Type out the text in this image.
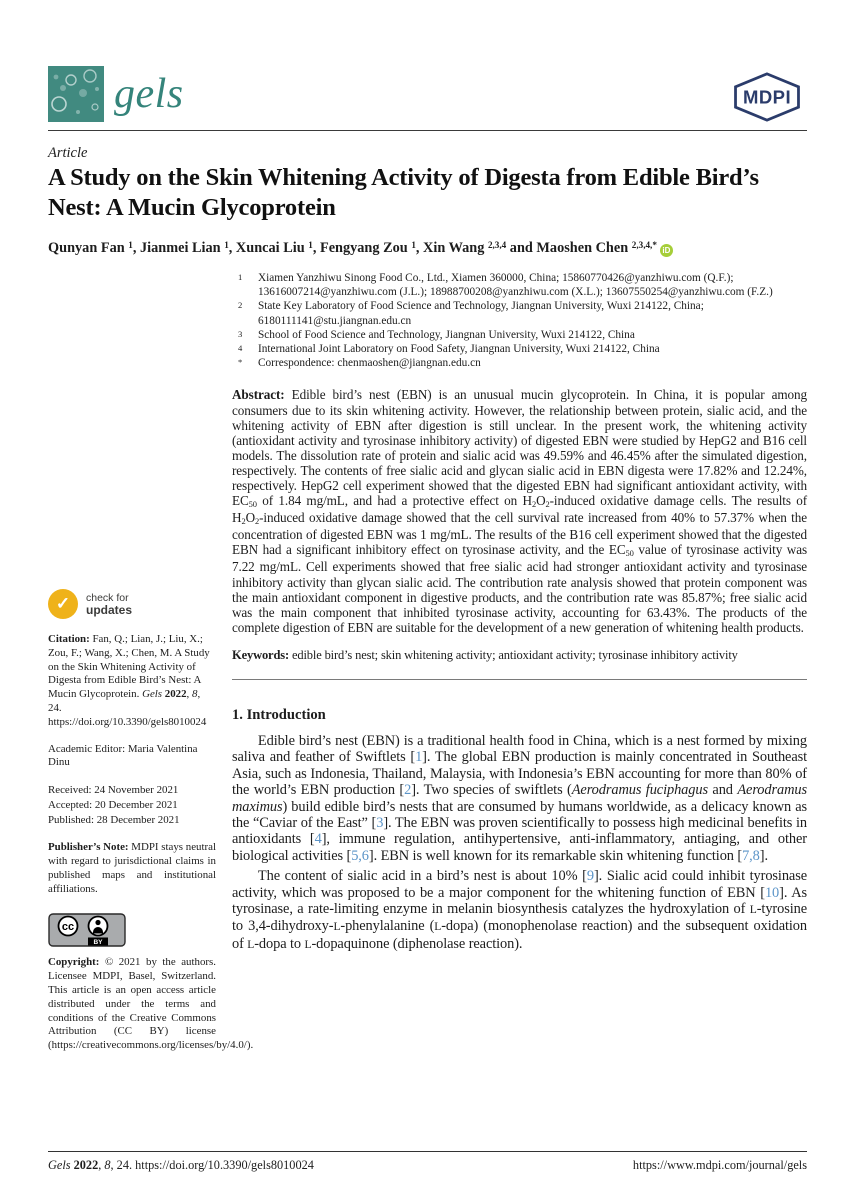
gels	MDPI
Article
A Study on the Skin Whitening Activity of Digesta from Edible Bird’s Nest: A Mucin Glycoprotein
Qunyan Fan $^1$, Jianmei Lian $^1$, Xuncai Liu $^1$, Fengyang Zou $^1$, Xin Wang $^{2,3,4}$ and Maoshen Chen $^{2,3,4,*}$iD
1 Xiamen Yanzhiwu Sinong Food Co., Ltd., Xiamen 360000, China; 15860770426@yanzhiwu.com (Q.F.); 13616007214@yanzhiwu.com (J.L.); 18988700208@yanzhiwu.com (X.L.); 13607550254@yanzhiwu.com (F.Z.)
2 State Key Laboratory of Food Science and Technology, Jiangnan University, Wuxi 214122, China; 6180111141@stu.jiangnan.edu.cn
3 School of Food Science and Technology, Jiangnan University, Wuxi 214122, China
4 International Joint Laboratory on Food Safety, Jiangnan University, Wuxi 214122, China
* Correspondence: chenmaoshen@jiangnan.edu.cn
Abstract: Edible bird’s nest (EBN) is an unusual mucin glycoprotein. In China, it is popular among consumers due to its skin whitening activity. However, the relationship between protein, sialic acid, and the whitening activity of EBN after digestion is still unclear. In the present work, the whitening activity (antioxidant activity and tyrosinase inhibitory activity) of digested EBN were studied by HepG2 and B16 cell models. The dissolution rate of protein and sialic acid was 49.59% and 46.45% after the simulated digestion, respectively. The contents of free sialic acid and glycan sialic acid in EBN digesta were 17.82% and 12.24%, respectively. HepG2 cell experiment showed that the digested EBN had significant antioxidant activity, with EC50 of 1.84 mg/mL, and had a protective effect on H2O2-induced oxidative damage cells. The results of H2O2-induced oxidative damage showed that the cell survival rate increased from 40% to 57.37% when the concentration of digested EBN was 1 mg/mL. The results of the B16 cell experiment showed that the digested EBN had a significant inhibitory effect on tyrosinase activity, and the EC50 value of tyrosinase activity was 7.22 mg/mL. Cell experiments showed that free sialic acid had stronger antioxidant activity and tyrosinase inhibitory activity than glycan sialic acid. The contribution rate analysis showed that protein component was the main antioxidant component in digestive products, and the contribution rate was 85.87%; free sialic acid was the main component that inhibited tyrosinase activity, accounting for 63.43%. The products of the complete digestion of EBN are suitable for the development of a new generation of whitening health products.
Keywords: edible bird’s nest; skin whitening activity; antioxidant activity; tyrosinase inhibitory activity
1. Introduction

Edible bird’s nest (EBN) is a traditional health food in China, which is a nest formed by mixing saliva and feather of Swiftlets [1]. The global EBN production is mainly concentrated in Southeast Asia, such as Indonesia, Thailand, Malaysia, with Indonesia’s EBN accounting for more than 80% of the world’s EBN production [2]. Two species of swiftlets (Aerodramus fuciphagus and Aerodramus maximus) build edible bird’s nests that are consumed by humans worldwide, as a delicacy known as the “Caviar of the East” [3]. The EBN was proven scientifically to possess high medicinal benefits in antioxidants [4], immune regulation, antihypertensive, anti-inflammatory, antiaging, and other biological activities [5,6]. EBN is well known for its remarkable skin whitening function [7,8].

The content of sialic acid in a bird’s nest is about 10% [9]. Sialic acid could inhibit tyrosinase activity, which was proposed to be a major component for the whitening function of EBN [10]. As tyrosinase, a rate-limiting enzyme in melanin biosynthesis catalyzes the hydroxylation of L-tyrosine to 3,4-dihydroxy-L-phenylalanine (L-dopa) (monophenolase reaction) and the subsequent oxidation of L-dopa to L-dopaquinone (diphenolase reaction).

✓
check for
updates
Citation: Fan, Q.; Lian, J.; Liu, X.; Zou, F.; Wang, X.; Chen, M. A Study on the Skin Whitening Activity of Digesta from Edible Bird’s Nest: A Mucin Glycoprotein. Gels 2022, 8, 24. https://doi.org/10.3390/gels8010024
Academic Editor: Maria Valentina Dinu
Received: 24 November 2021
Accepted: 20 December 2021
Published: 28 December 2021
Publisher’s Note: MDPI stays neutral with regard to jurisdictional claims in published maps and institutional affiliations.
cc
BY
Copyright: © 2021 by the authors. Licensee MDPI, Basel, Switzerland. This article is an open access article distributed under the terms and conditions of the Creative Commons Attribution (CC BY) license (https://creativecommons.org/licenses/by/4.0/).
Gels 2022, 8, 24. https://doi.org/10.3390/gels8010024	https://www.mdpi.com/journal/gels
